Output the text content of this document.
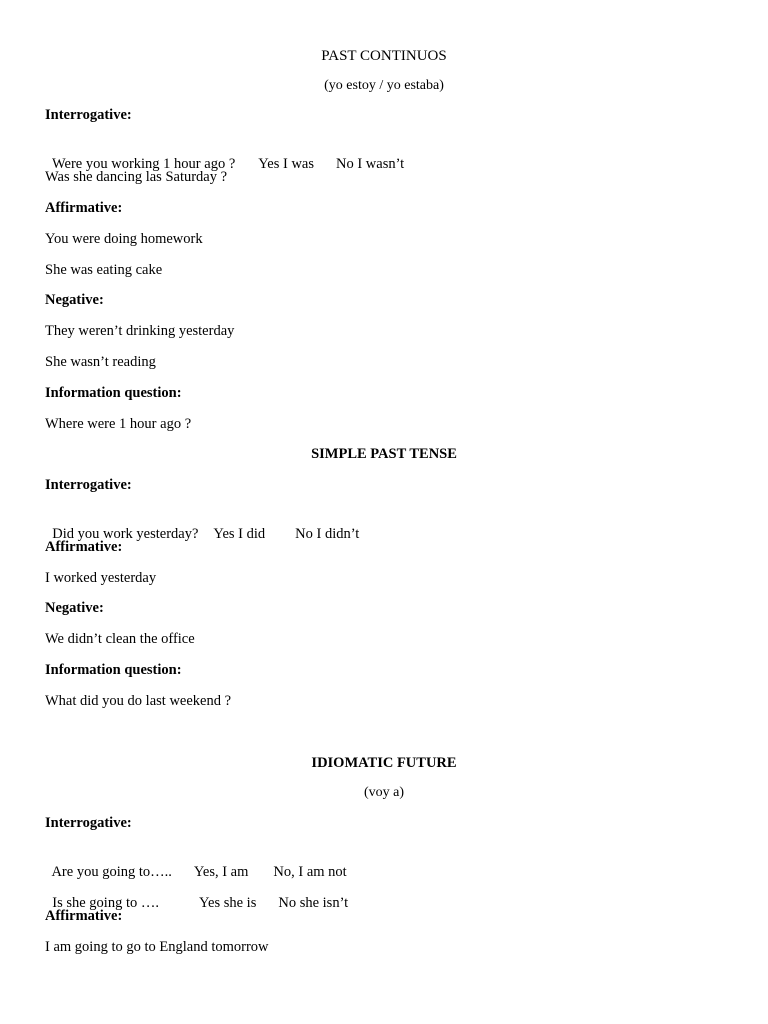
PAST CONTINUOS
(yo estoy / yo estaba)
Interrogative:

Were you working 1 hour ago ? Yes I was No I wasn’t

Was she dancing las Saturday ?
Affirmative:
You were doing homework
She was eating cake
Negative:
They weren’t drinking yesterday
She wasn’t reading
Information question:
Where were 1 hour ago ?
SIMPLE PAST TENSE
Interrogative:

Did you work yesterday? Yes I did No I didn’t

Affirmative:
I worked yesterday
Negative:
We didn’t clean the office
Information question:
What did you do last weekend ?
IDIOMATIC FUTURE
(voy a)
Interrogative:

Are you going to….. Yes, I am No, I am not

Is she going to ….	Yes she is No she isn’t

Affirmative:
I am going to go to England tomorrow
